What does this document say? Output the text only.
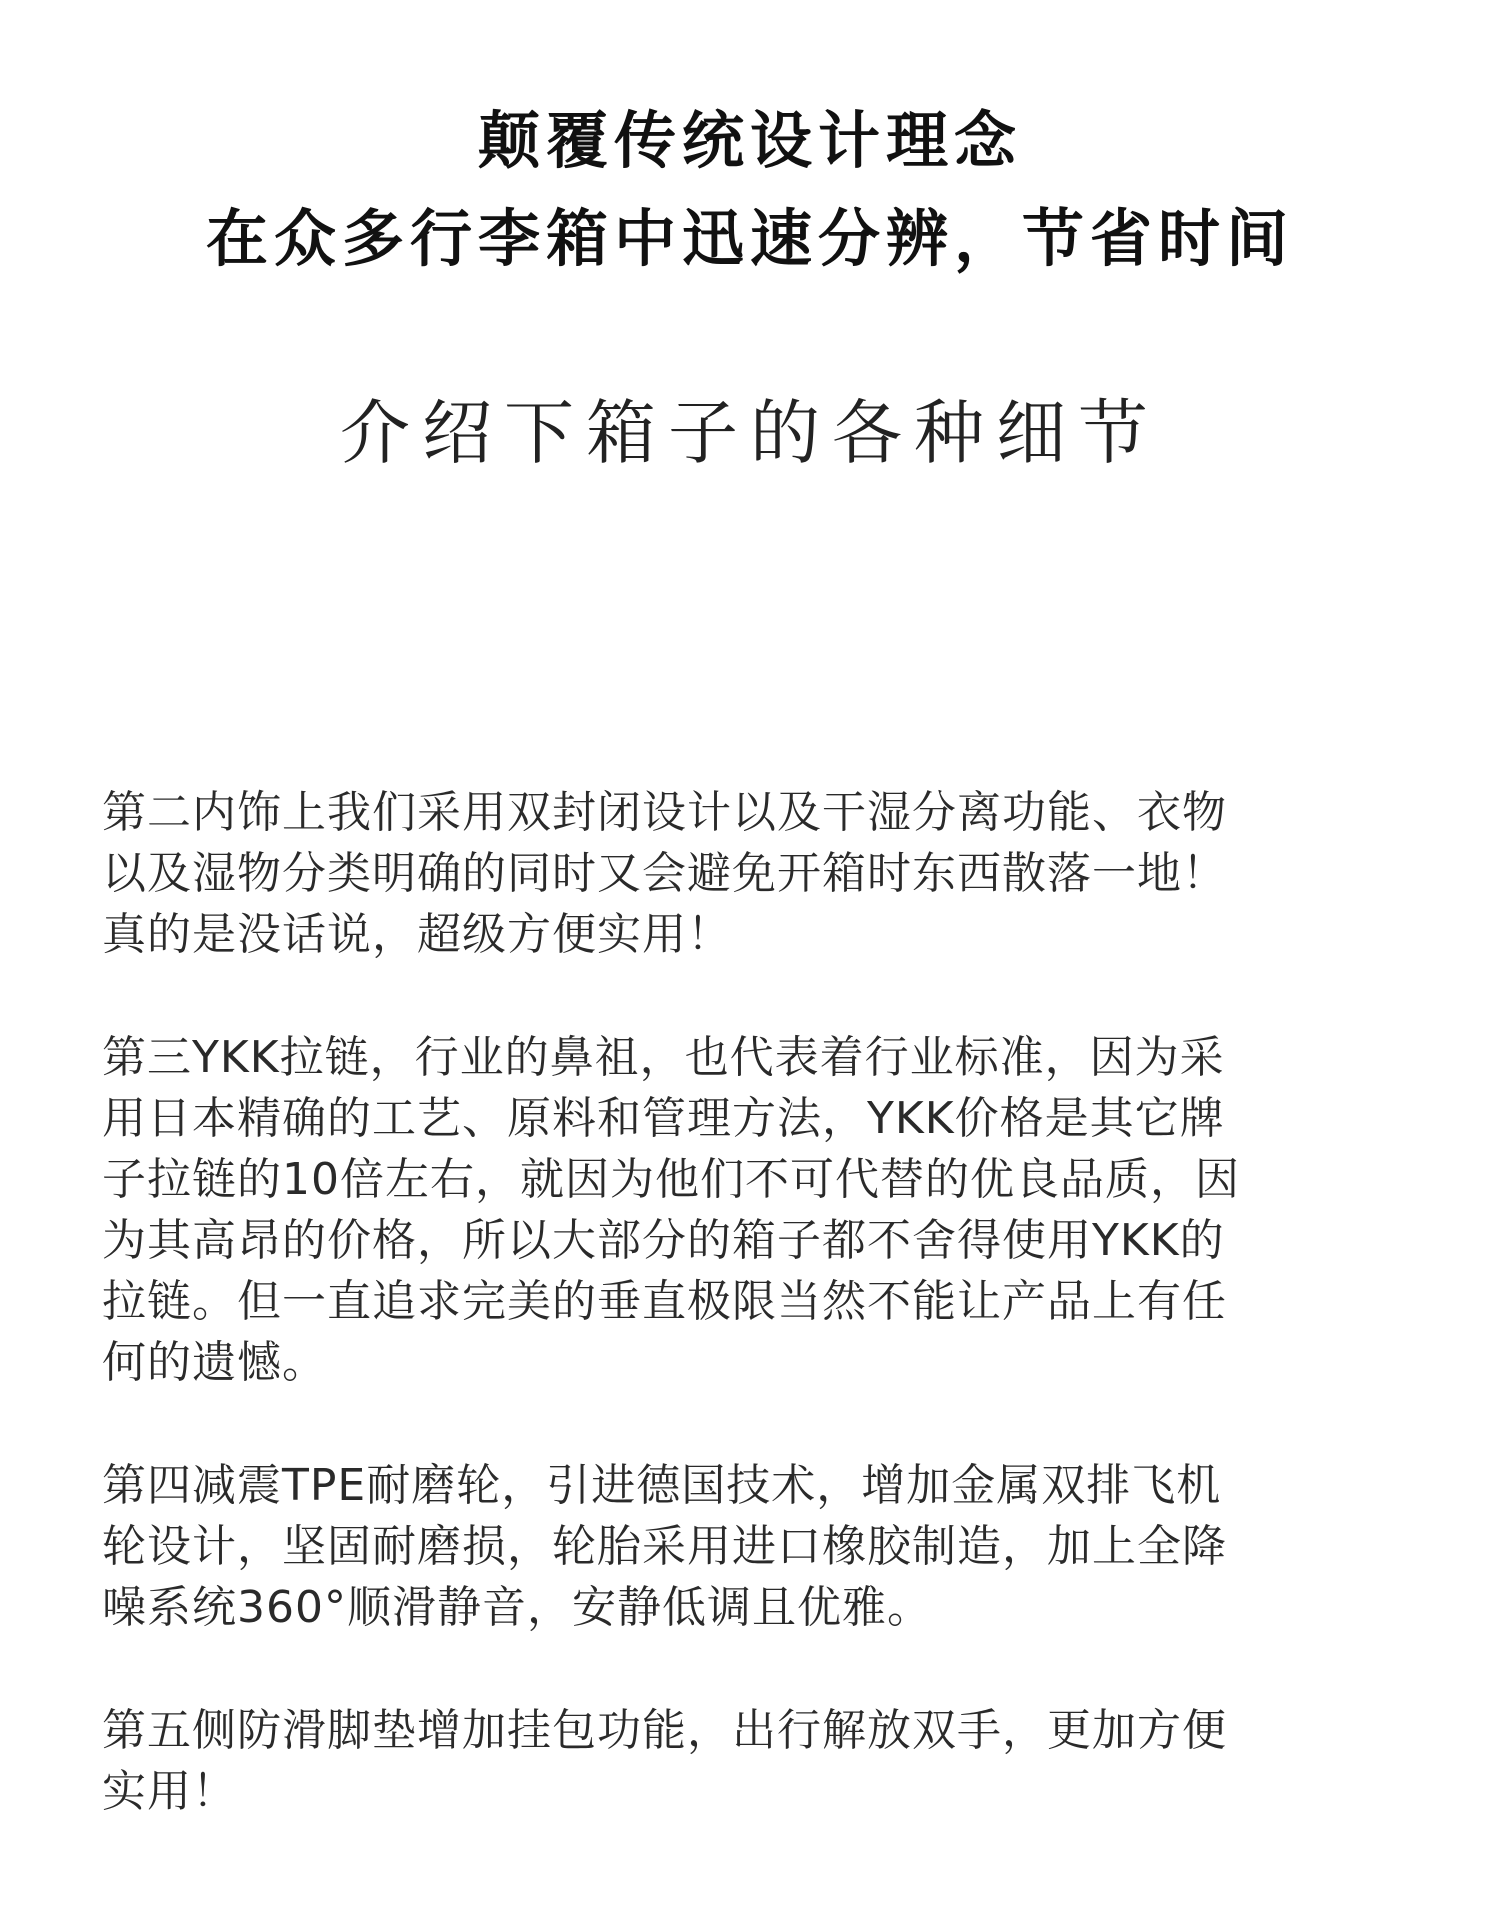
颠覆传统设计理念
在众多行李箱中迅速分辨，节省时间
介绍下箱子的各种细节

第二内饰上我们采用双封闭设计以及干湿分离功能、衣物
以及湿物分类明确的同时又会避免开箱时东西散落一地！
真的是没话说，超级方便实用！

第三YKK拉链，行业的鼻祖，也代表着行业标准，因为采
用日本精确的工艺、原料和管理方法，YKK价格是其它牌
子拉链的10倍左右，就因为他们不可代替的优良品质，因
为其高昂的价格，所以大部分的箱子都不舍得使用YKK的
拉链。但一直追求完美的垂直极限当然不能让产品上有任
何的遗憾。

第四减震TPE耐磨轮，引进德国技术，增加金属双排飞机
轮设计，坚固耐磨损，轮胎采用进口橡胶制造，加上全降
噪系统360°顺滑静音，安静低调且优雅。

第五侧防滑脚垫增加挂包功能，出行解放双手，更加方便
实用！
